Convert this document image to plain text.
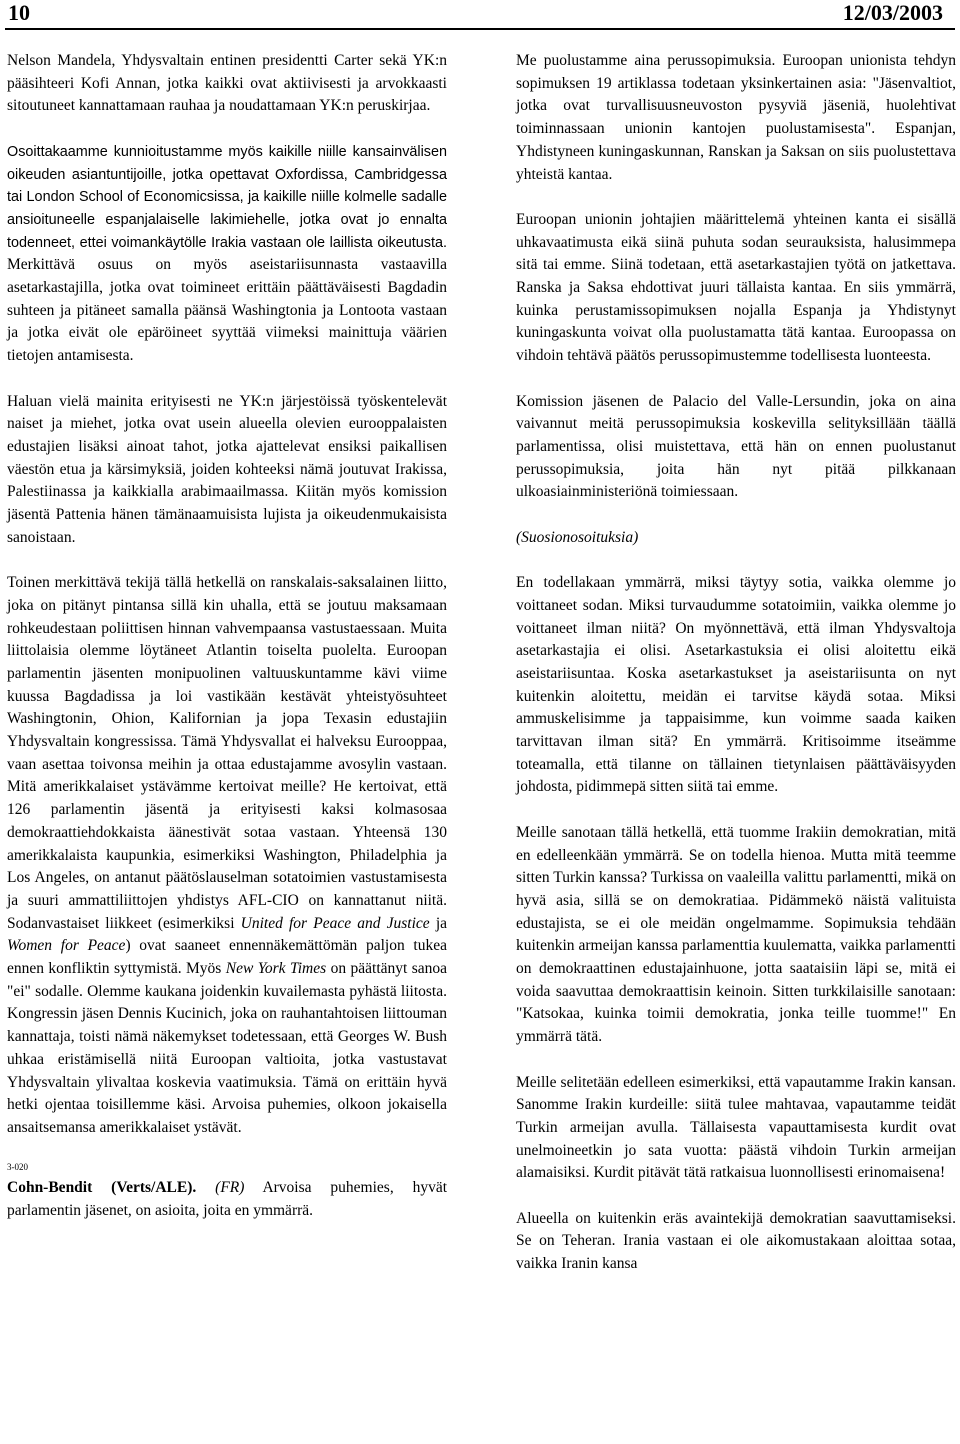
10	12/03/2003

Nelson Mandela, Yhdysvaltain entinen presidentti Carter sekä YK:n pääsihteeri Kofi Annan, jotka kaikki ovat aktiivisesti ja arvokkaasti sitoutuneet kannattamaan rauhaa ja noudattamaan YK:n peruskirjaa.

Osoittakaamme kunnioitustamme myös kaikille niille kansainvälisen oikeuden asiantuntijoille, jotka opettavat Oxfordissa, Cambridgessa tai London School of Economicsissa, ja kaikille niille kolmelle sadalle ansioituneelle espanjalaiselle lakimiehelle, jotka ovat jo ennalta todenneet, ettei voimankäytölle Irakia vastaan ole laillista oikeutusta. Merkittävä osuus on myös aseistariisunnasta vastaavilla asetarkastajilla, jotka ovat toimineet erittäin päättäväisesti Bagdadin suhteen ja pitäneet samalla päänsä Washingtonia ja Lontoota vastaan ja jotka eivät ole epäröineet syyttää viimeksi mainittuja väärien tietojen antamisesta.

Haluan vielä mainita erityisesti ne YK:n järjestöissä työskentelevät naiset ja miehet, jotka ovat usein alueella olevien eurooppalaisten edustajien lisäksi ainoat tahot, jotka ajattelevat ensiksi paikallisen väestön etua ja kärsimyksiä, joiden kohteeksi nämä joutuvat Irakissa, Palestiinassa ja kaikkialla arabimaailmassa. Kiitän myös komission jäsentä Pattenia hänen tämänaamuisista lujista ja oikeudenmukaisista sanoistaan.

Toinen merkittävä tekijä tällä hetkellä on ranskalais-saksalainen liitto, joka on pitänyt pintansa sillä kin uhalla, että se joutuu maksamaan rohkeudestaan poliittisen hinnan vahvempaansa vastustaessaan. Muita liittolaisia olemme löytäneet Atlantin toiselta puolelta. Euroopan parlamentin jäsenten monipuolinen valtuuskuntamme kävi viime kuussa Bagdadissa ja loi vastikään kestävät yhteistyösuhteet Washingtonin, Ohion, Kalifornian ja jopa Texasin edustajiin Yhdysvaltain kongressissa. Tämä Yhdysvallat ei halveksu Eurooppaa, vaan asettaa toivonsa meihin ja ottaa edustajamme avosylin vastaan. Mitä amerikkalaiset ystävämme kertoivat meille? He kertoivat, että 126 parlamentin jäsentä ja erityisesti kaksi kolmasosaa demokraattiehdokkaista äänestivät sotaa vastaan. Yhteensä 130 amerikkalaista kaupunkia, esimerkiksi Washington, Philadelphia ja Los Angeles, on antanut päätöslauselman sotatoimien vastustamisesta ja suuri ammattiliittojen yhdistys AFL-CIO on kannattanut niitä. Sodanvastaiset liikkeet (esimerkiksi United for Peace and Justice ja Women for Peace) ovat saaneet ennennäkemättömän paljon tukea ennen konfliktin syttymistä. Myös New York Times on päättänyt sanoa "ei" sodalle. Olemme kaukana joidenkin kuvailemasta pyhästä liitosta. Kongressin jäsen Dennis Kucinich, joka on rauhantahtoisen liittouman kannattaja, toisti nämä näkemykset todetessaan, että Georges W. Bush uhkaa eristämisellä niitä Euroopan valtioita, jotka vastustavat Yhdysvaltain ylivaltaa koskevia vaatimuksia. Tämä on erittäin hyvä hetki ojentaa toisillemme käsi. Arvoisa puhemies, olkoon jokaisella ansaitsemansa amerikkalaiset ystävät.

3-020

Cohn-Bendit (Verts/ALE). (FR) Arvoisa puhemies, hyvät parlamentin jäsenet, on asioita, joita en ymmärrä.

Me puolustamme aina perussopimuksia. Euroopan unionista tehdyn sopimuksen 19 artiklassa todetaan yksinkertainen asia: "Jäsenvaltiot, jotka ovat turvallisuusneuvoston pysyviä jäseniä, huolehtivat toiminnassaan unionin kantojen puolustamisesta". Espanjan, Yhdistyneen kuningaskunnan, Ranskan ja Saksan on siis puolustettava yhteistä kantaa.

Euroopan unionin johtajien määrittelemä yhteinen kanta ei sisällä uhkavaatimusta eikä siinä puhuta sodan seurauksista, halusimmepa sitä tai emme. Siinä todetaan, että asetarkastajien työtä on jatkettava. Ranska ja Saksa ehdottivat juuri tällaista kantaa. En siis ymmärrä, kuinka perustamissopimuksen nojalla Espanja ja Yhdistynyt kuningaskunta voivat olla puolustamatta tätä kantaa. Euroopassa on vihdoin tehtävä päätös perussopimustemme todellisesta luonteesta.

Komission jäsenen de Palacio del Valle-Lersundin, joka on aina vaivannut meitä perussopimuksia koskevilla selityksillään täällä parlamentissa, olisi muistettava, että hän on ennen puolustanut perussopimuksia, joita hän nyt pitää pilkkanaan ulkoasiainministeriönä toimiessaan.

(Suosionosoituksia)

En todellakaan ymmärrä, miksi täytyy sotia, vaikka olemme jo voittaneet sodan. Miksi turvaudumme sotatoimiin, vaikka olemme jo voittaneet ilman niitä? On myönnettävä, että ilman Yhdysvaltoja asetarkastajia ei olisi. Asetarkastuksia ei olisi aloitettu eikä aseistariisuntaa. Koska asetarkastukset ja aseistariisunta on nyt kuitenkin aloitettu, meidän ei tarvitse käydä sotaa. Miksi ammuskelisimme ja tappaisimme, kun voimme saada kaiken tarvittavan ilman sitä? En ymmärrä. Kritisoimme itseämme toteamalla, että tilanne on tällainen tietynlaisen päättäväisyyden johdosta, pidimmepä sitten siitä tai emme.

Meille sanotaan tällä hetkellä, että tuomme Irakiin demokratian, mitä en edelleenkään ymmärrä. Se on todella hienoa. Mutta mitä teemme sitten Turkin kanssa? Turkissa on vaaleilla valittu parlamentti, mikä on hyvä asia, sillä se on demokratiaa. Pidämmekö näistä valituista edustajista, se ei ole meidän ongelmamme. Sopimuksia tehdään kuitenkin armeijan kanssa parlamenttia kuulematta, vaikka parlamentti on demokraattinen edustajainhuone, jotta saataisiin läpi se, mitä ei voida saavuttaa demokraattisin keinoin. Sitten turkkilaisille sanotaan: "Katsokaa, kuinka toimii demokratia, jonka teille tuomme!" En ymmärrä tätä.

Meille selitetään edelleen esimerkiksi, että vapautamme Irakin kansan. Sanomme Irakin kurdeille: siitä tulee mahtavaa, vapautamme teidät Turkin armeijan avulla. Tällaisesta vapauttamisesta kurdit ovat unelmoineetkin jo sata vuotta: päästä vihdoin Turkin armeijan alamaisiksi. Kurdit pitävät tätä ratkaisua luonnollisesti erinomaisena!

Alueella on kuitenkin eräs avaintekijä demokratian saavuttamiseksi. Se on Teheran. Irania vastaan ei ole aikomustakaan aloittaa sotaa, vaikka Iranin kansa
